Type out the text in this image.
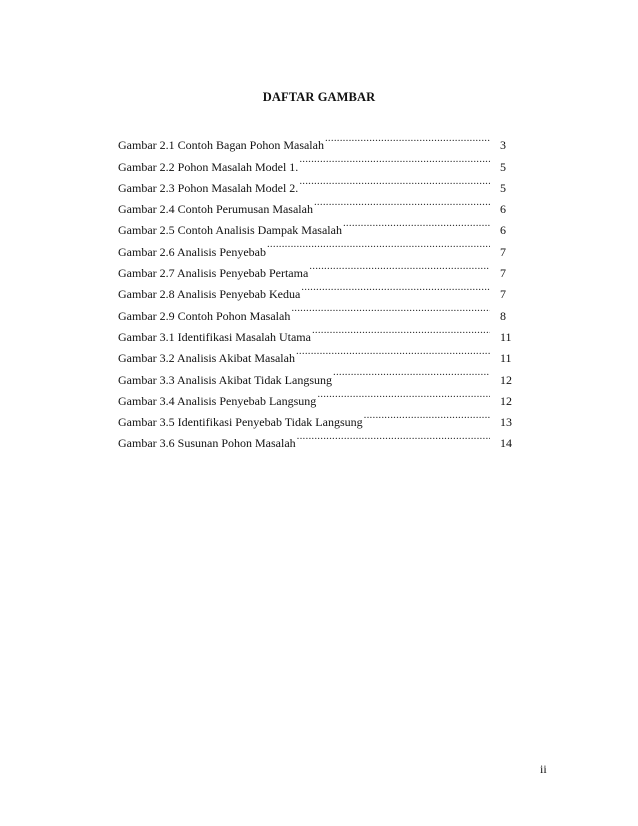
DAFTAR GAMBAR
Gambar 2.1 Contoh Bagan Pohon Masalah .....	3
Gambar 2.2 Pohon Masalah Model 1. .....	5
Gambar 2.3 Pohon Masalah Model 2. .....	5
Gambar 2.4 Contoh Perumusan Masalah .....	6
Gambar 2.5 Contoh Analisis Dampak Masalah .....	6
Gambar 2.6 Analisis Penyebab .....	7
Gambar 2.7 Analisis Penyebab Pertama .....	7
Gambar 2.8 Analisis Penyebab Kedua .....	7
Gambar 2.9 Contoh Pohon Masalah .....	8
Gambar 3.1 Identifikasi Masalah Utama .....	11
Gambar 3.2 Analisis Akibat Masalah .....	11
Gambar 3.3 Analisis Akibat Tidak Langsung .....	12
Gambar 3.4 Analisis Penyebab Langsung .....	12
Gambar 3.5 Identifikasi Penyebab Tidak Langsung .....	13
Gambar 3.6 Susunan Pohon Masalah .....	14
ii
